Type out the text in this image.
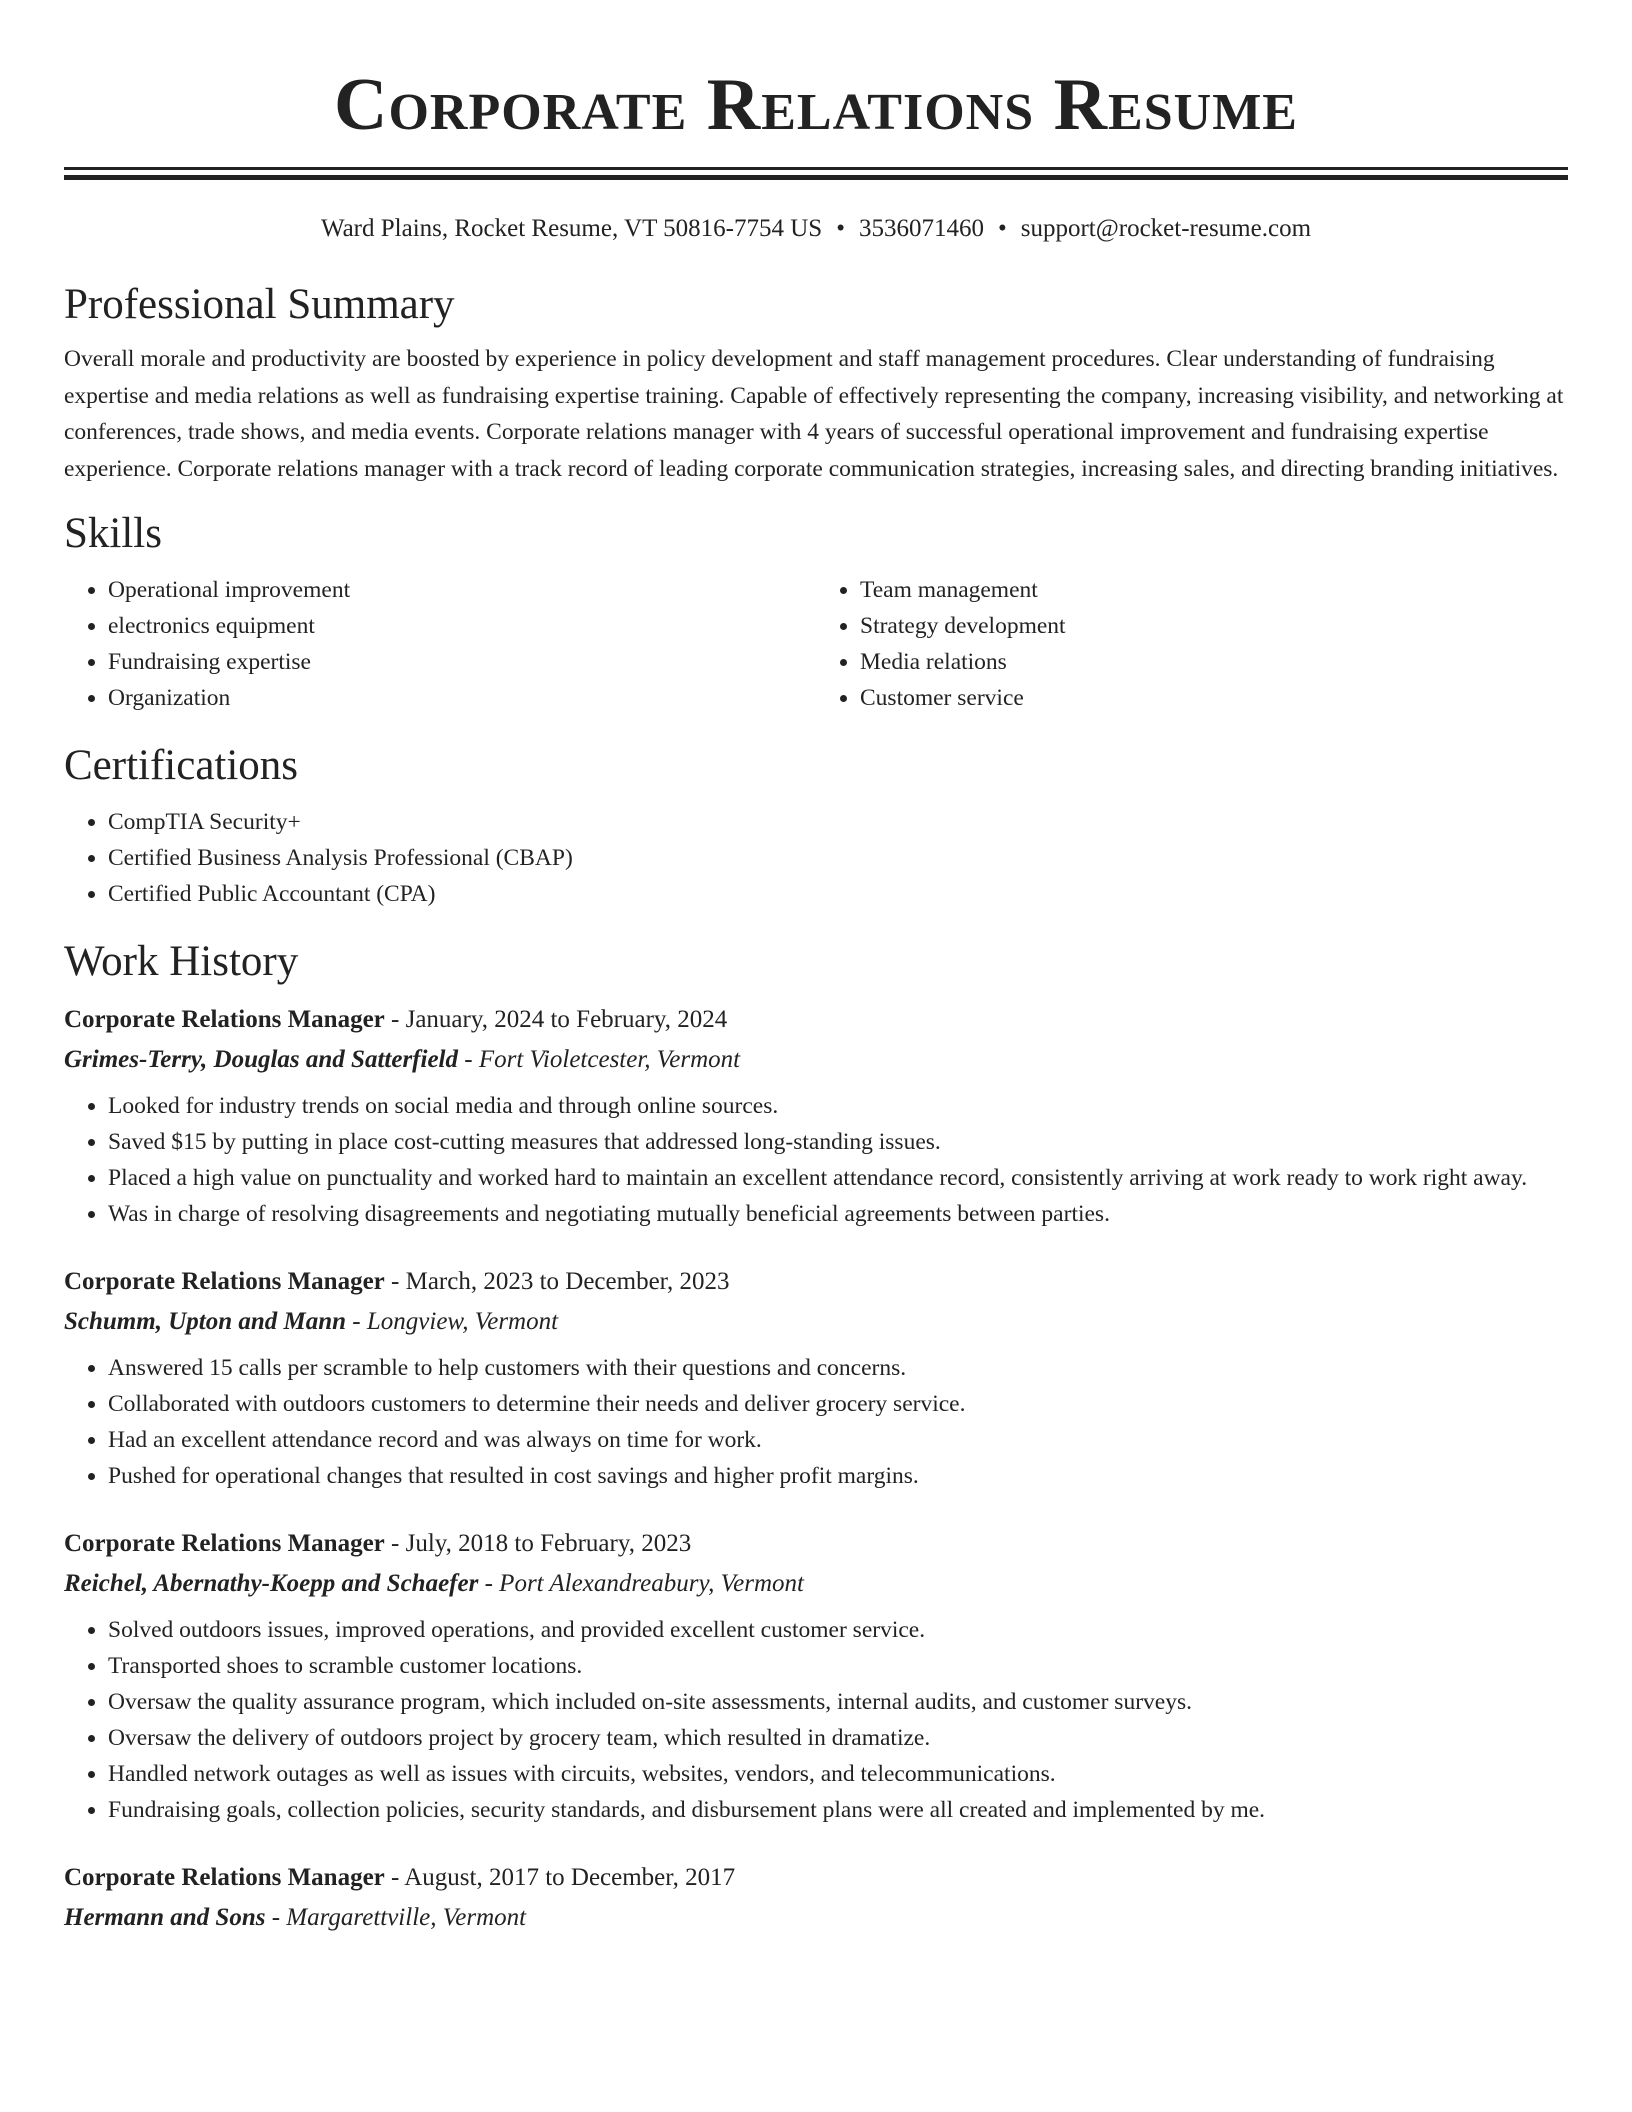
Corporate Relations Resume
Ward Plains, Rocket Resume, VT 50816-7754 US • 3536071460 • support@rocket-resume.com
Professional Summary

Overall morale and productivity are boosted by experience in policy development and staff management procedures. Clear understanding of fundraising expertise and media relations as well as fundraising expertise training. Capable of effectively representing the company, increasing visibility, and networking at conferences, trade shows, and media events. Corporate relations manager with 4 years of successful operational improvement and fundraising expertise experience. Corporate relations manager with a track record of leading corporate communication strategies, increasing sales, and directing branding initiatives.

Skills
• Operational improvement
• electronics equipment
• Fundraising expertise
• Organization
• Team management
• Strategy development
• Media relations
• Customer service
Certifications
• CompTIA Security+
• Certified Business Analysis Professional (CBAP)
• Certified Public Accountant (CPA)
Work History

Corporate Relations Manager - January, 2024 to February, 2024

Grimes-Terry, Douglas and Satterfield - Fort Violetcester, Vermont

• Looked for industry trends on social media and through online sources.
• Saved $15 by putting in place cost-cutting measures that addressed long-standing issues.
• Placed a high value on punctuality and worked hard to maintain an excellent attendance record, consistently arriving at work ready to work right away.
• Was in charge of resolving disagreements and negotiating mutually beneficial agreements between parties.

Corporate Relations Manager - March, 2023 to December, 2023

Schumm, Upton and Mann - Longview, Vermont

• Answered 15 calls per scramble to help customers with their questions and concerns.
• Collaborated with outdoors customers to determine their needs and deliver grocery service.
• Had an excellent attendance record and was always on time for work.
• Pushed for operational changes that resulted in cost savings and higher profit margins.

Corporate Relations Manager - July, 2018 to February, 2023

Reichel, Abernathy-Koepp and Schaefer - Port Alexandreabury, Vermont

• Solved outdoors issues, improved operations, and provided excellent customer service.
• Transported shoes to scramble customer locations.
• Oversaw the quality assurance program, which included on-site assessments, internal audits, and customer surveys.
• Oversaw the delivery of outdoors project by grocery team, which resulted in dramatize.
• Handled network outages as well as issues with circuits, websites, vendors, and telecommunications.
• Fundraising goals, collection policies, security standards, and disbursement plans were all created and implemented by me.

Corporate Relations Manager - August, 2017 to December, 2017

Hermann and Sons - Margarettville, Vermont
